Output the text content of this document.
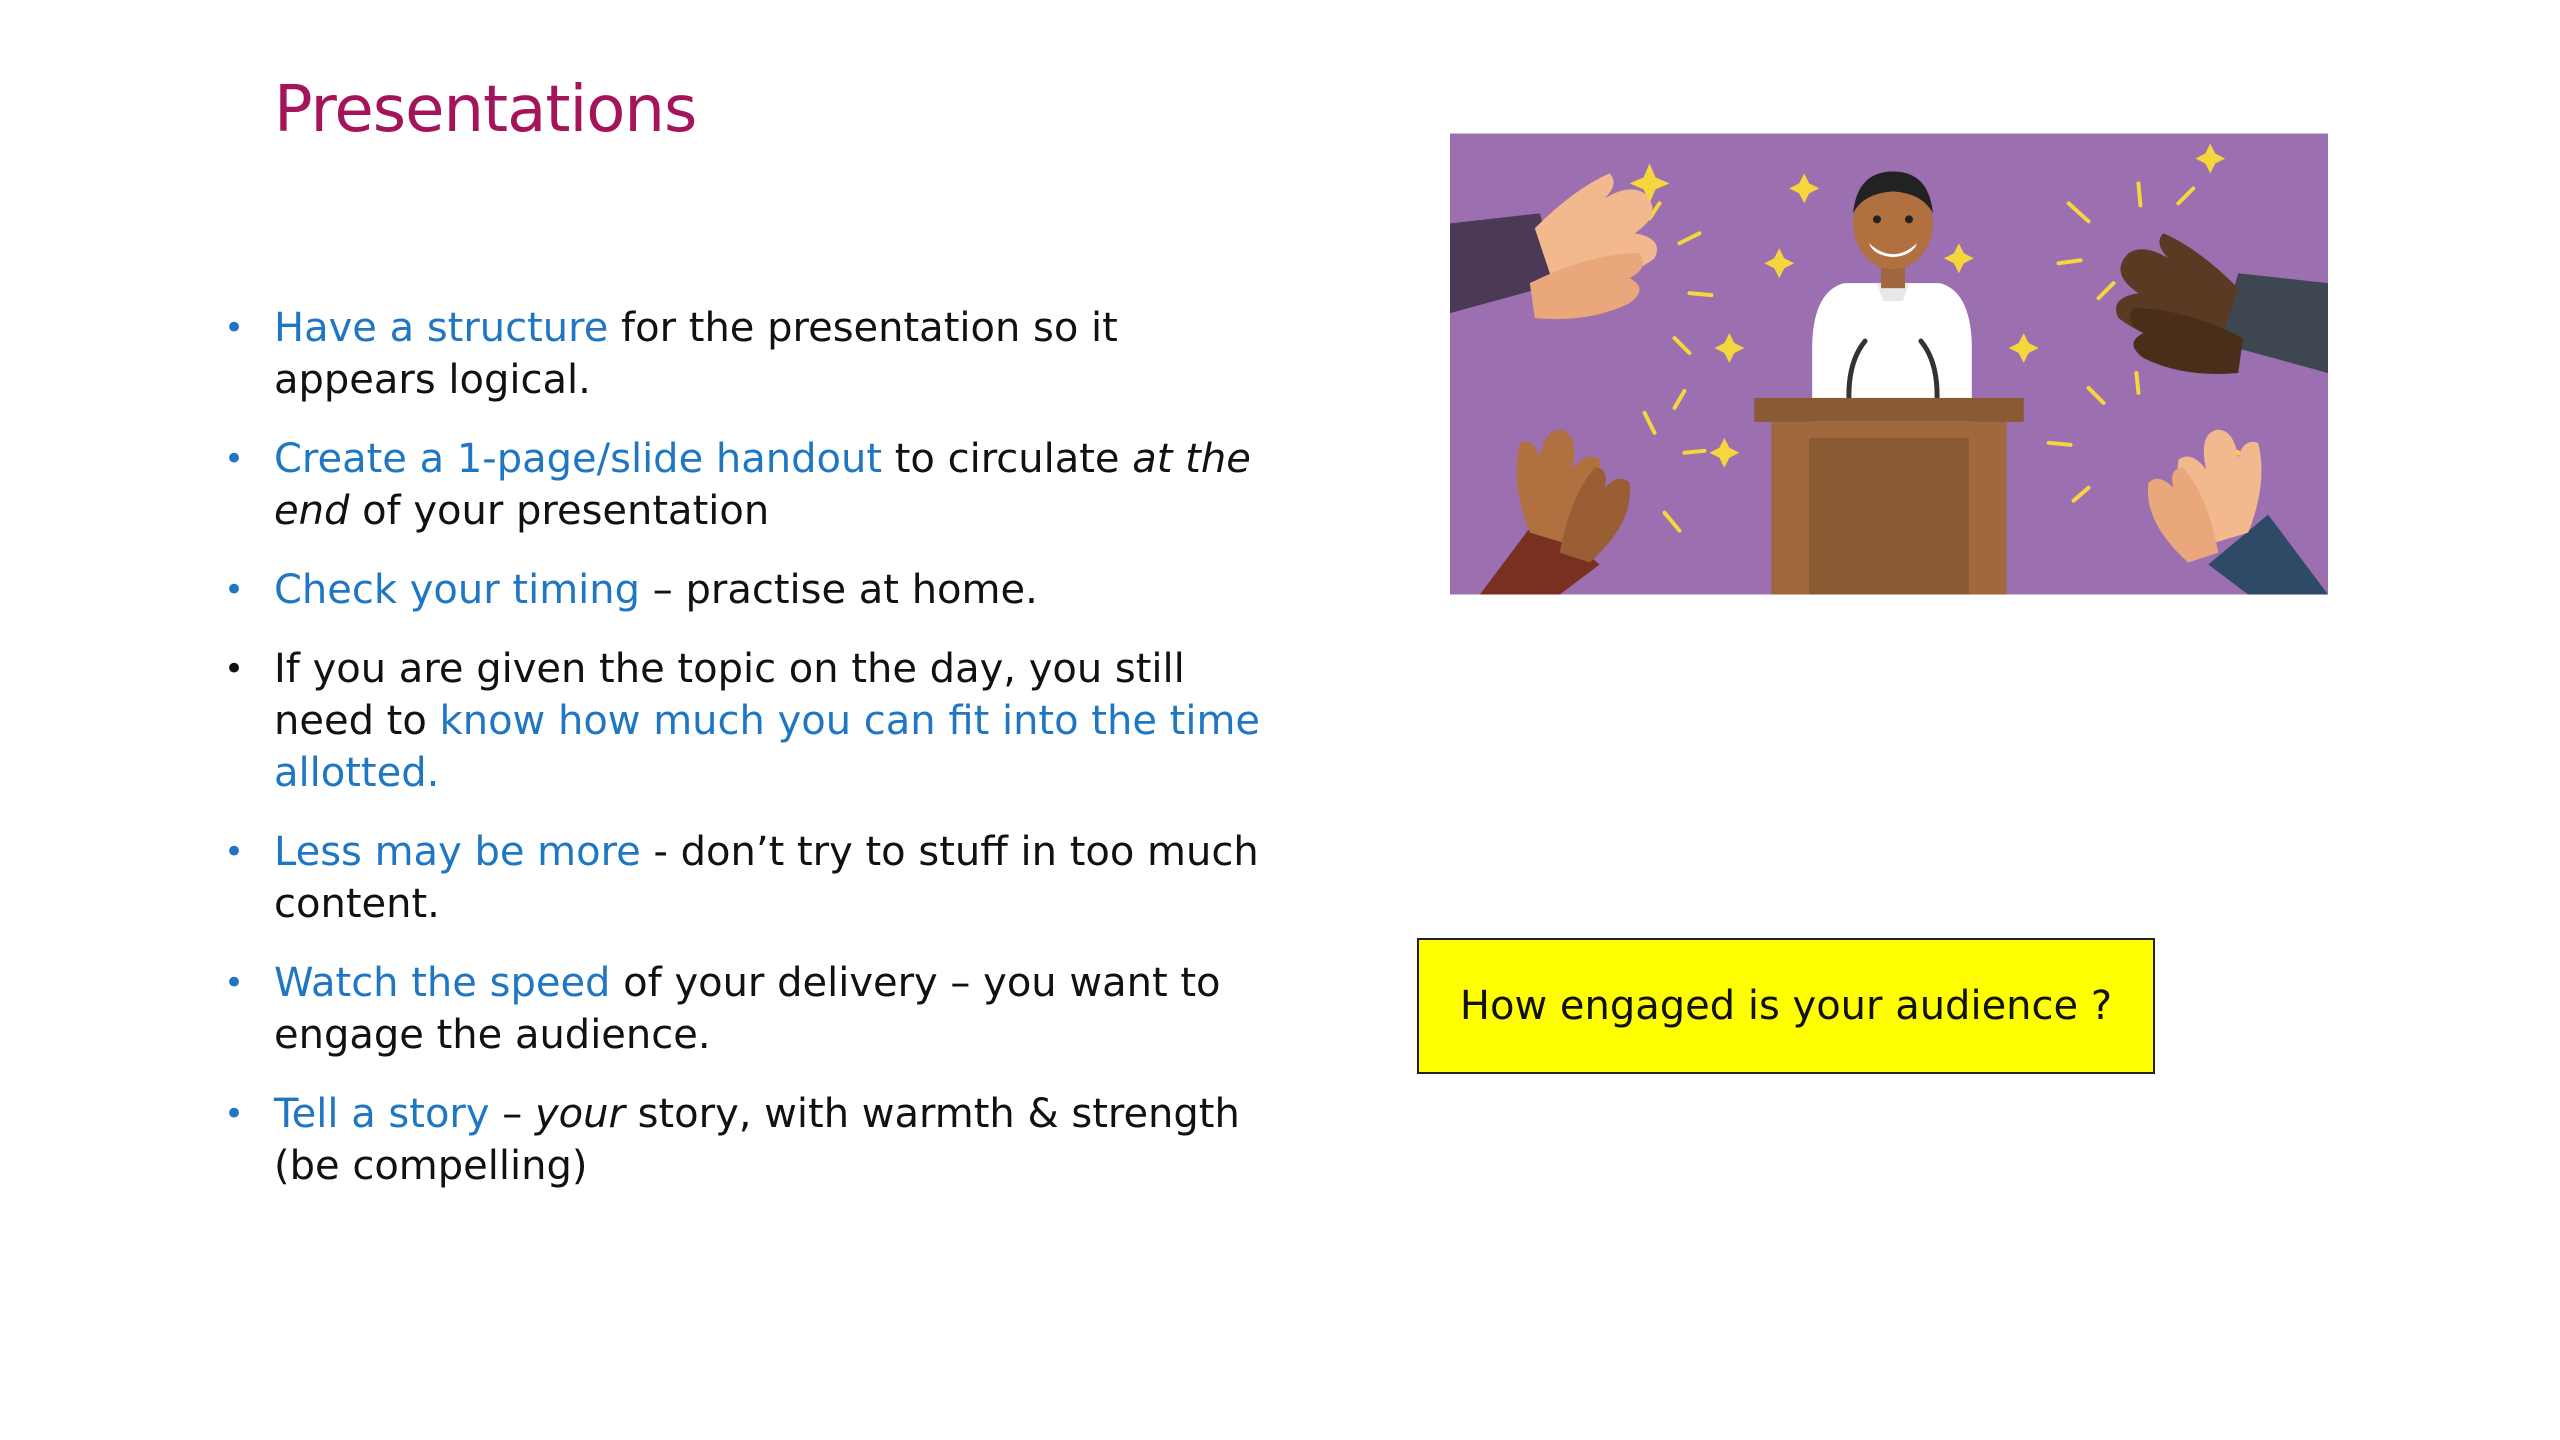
Presentations
• Have a structure for the presentation so it appears logical.
• Create a 1-page/slide handout to circulate at the end of your presentation
• Check your timing – practise at home.
• If you are given the topic on the day, you still need to know how much you can fit into the time allotted.
• Less may be more - don’t try to stuff in too much content.
• Watch the speed of your delivery – you want to engage the audience.
• Tell a story – your story, with warmth & strength (be compelling)
How engaged is your audience ?
